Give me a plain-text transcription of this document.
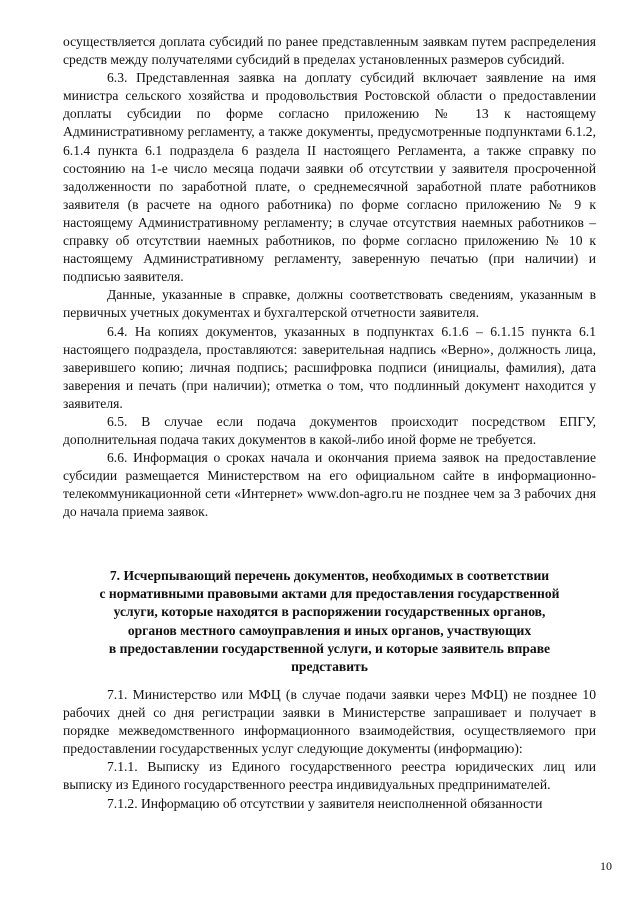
осуществляется доплата субсидий по ранее представленным заявкам путем распределения средств между получателями субсидий в пределах установленных размеров субсидий.

6.3. Представленная заявка на доплату субсидий включает заявление на имя министра сельского хозяйства и продовольствия Ростовской области о предоставлении доплаты субсидии по форме согласно приложению № 13 к настоящему Административному регламенту, а также документы, предусмотренные подпунктами 6.1.2, 6.1.4 пункта 6.1 подраздела 6 раздела II настоящего Регламента, а также справку по состоянию на 1-е число месяца подачи заявки об отсутствии у заявителя просроченной задолженности по заработной плате, о среднемесячной заработной плате работников заявителя (в расчете на одного работника) по форме согласно приложению № 9 к настоящему Административному регламенту; в случае отсутствия наемных работников – справку об отсутствии наемных работников, по форме согласно приложению № 10 к настоящему Административному регламенту, заверенную печатью (при наличии) и подписью заявителя.

Данные, указанные в справке, должны соответствовать сведениям, указанным в первичных учетных документах и бухгалтерской отчетности заявителя.

6.4. На копиях документов, указанных в подпунктах 6.1.6 – 6.1.15 пункта 6.1 настоящего подраздела, проставляются: заверительная надпись «Верно», должность лица, заверившего копию; личная подпись; расшифровка подписи (инициалы, фамилия), дата заверения и печать (при наличии); отметка о том, что подлинный документ находится у заявителя.

6.5. В случае если подача документов происходит посредством ЕПГУ, дополнительная подача таких документов в какой-либо иной форме не требуется.

6.6. Информация о сроках начала и окончания приема заявок на предоставление субсидии размещается Министерством на его официальном сайте в информационно-телекоммуникационной сети «Интернет» www.don-agro.ru не позднее чем за 3 рабочих дня до начала приема заявок.

7. Исчерпывающий перечень документов, необходимых в соответствии

с нормативными правовыми актами для предоставления государственной

услуги, которые находятся в распоряжении государственных органов,

органов местного самоуправления и иных органов, участвующих

в предоставлении государственной услуги, и которые заявитель вправе

представить

7.1. Министерство или МФЦ (в случае подачи заявки через МФЦ) не позднее 10 рабочих дней со дня регистрации заявки в Министерстве запрашивает и получает в порядке межведомственного информационного взаимодействия, осуществляемого при предоставлении государственных услуг следующие документы (информацию):

7.1.1. Выписку из Единого государственного реестра юридических лиц или выписку из Единого государственного реестра индивидуальных предпринимателей.

7.1.2. Информацию об отсутствии у заявителя неисполненной обязанности

10
